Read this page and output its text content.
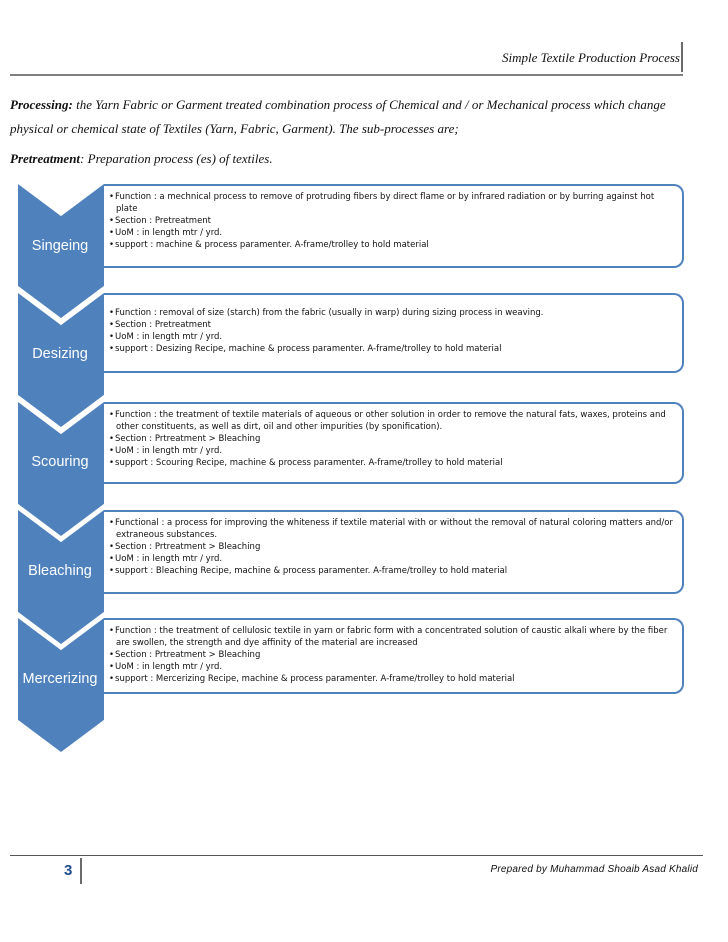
Simple Textile Production Process
Processing: the Yarn Fabric or Garment treated combination process of Chemical and / or Mechanical process which change physical or chemical state of Textiles (Yarn, Fabric, Garment). The sub-processes are;
Pretreatment: Preparation process (es) of textiles.
Singeing
• Function : a mechnical process to remove of protruding fibers by direct flame or by infrared radiation or by burring against hot plate
• Section : Pretreatment
• UoM : in length mtr / yrd.
• support : machine & process paramenter. A-frame/trolley to hold material
Desizing
• Function : removal of size (starch) from the fabric (usually in warp) during sizing process in weaving.
• Section : Pretreatment
• UoM : in length mtr / yrd.
• support : Desizing Recipe, machine & process paramenter. A-frame/trolley to hold material
Scouring
• Function : the treatment of textile materials of aqueous or other solution in order to remove the natural fats, waxes, proteins and other constituents, as well as dirt, oil and other impurities (by sponification).
• Section : Prtreatment > Bleaching
• UoM : in length mtr / yrd.
• support : Scouring Recipe, machine & process paramenter. A-frame/trolley to hold material
Bleaching
• Functional : a process for improving the whiteness if textile material with or without the removal of natural coloring matters and/or extraneous substances.
• Section : Prtreatment > Bleaching
• UoM : in length mtr / yrd.
• support : Bleaching Recipe, machine & process paramenter. A-frame/trolley to hold material
Mercerizing
• Function : the treatment of cellulosic textile in yarn or fabric form with a concentrated solution of caustic alkali where by the fiber are swollen, the strength and dye affinity of the material are increased
• Section : Prtreatment > Bleaching
• UoM : in length mtr / yrd.
• support : Mercerizing Recipe, machine & process paramenter. A-frame/trolley to hold material
3	Prepared by Muhammad Shoaib Asad Khalid
